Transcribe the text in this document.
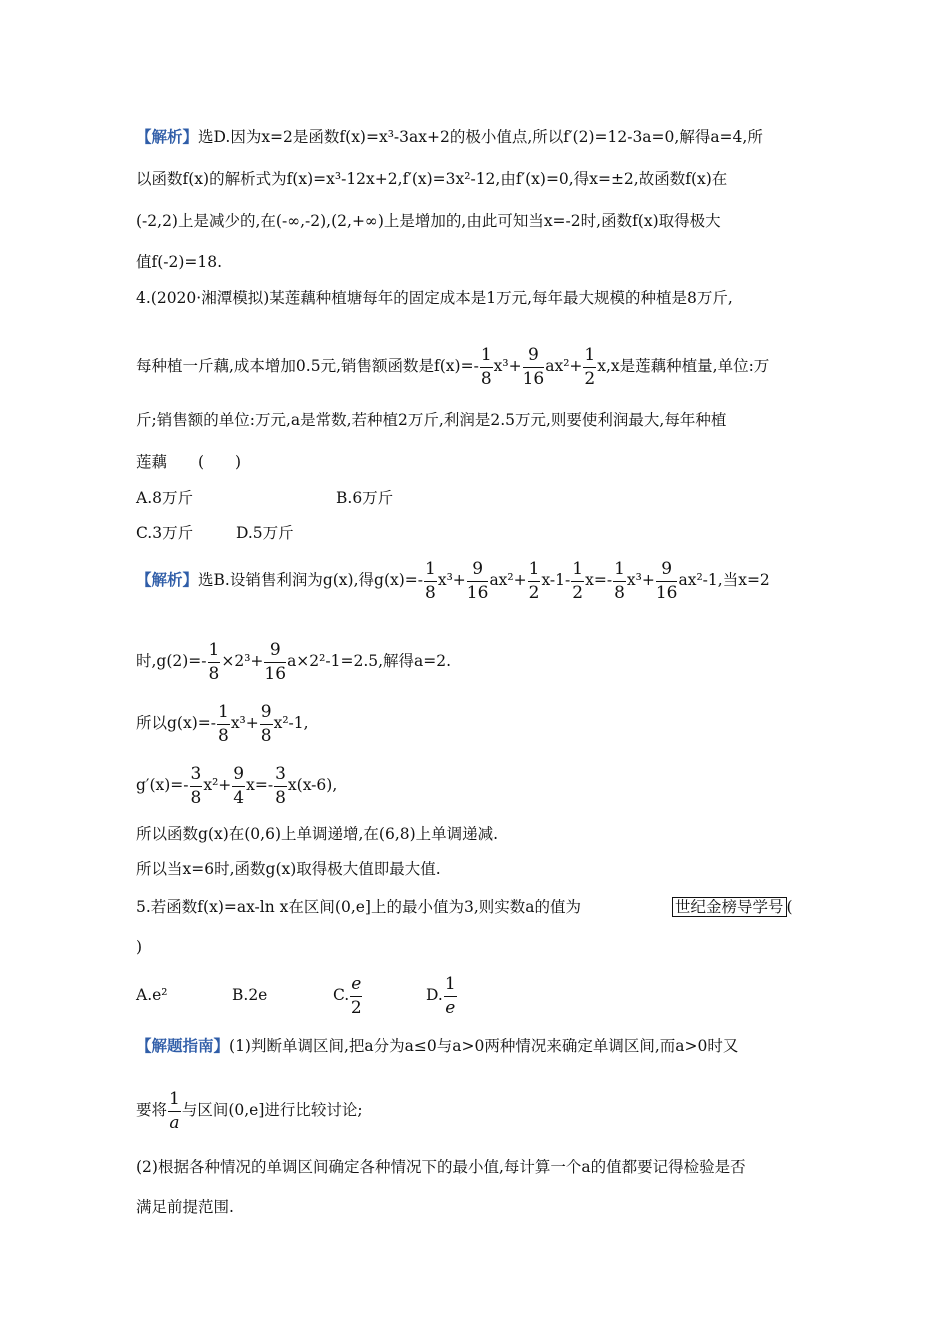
【解析】选D.因为x=2是函数f(x)=x³-3ax+2的极小值点,所以f′(2)=12-3a=0,解得a=4,所
以函数f(x)的解析式为f(x)=x³-12x+2,f′(x)=3x²-12,由f′(x)=0,得x=±2,故函数f(x)在
(-2,2)上是减少的,在(-∞,-2),(2,+∞)上是增加的,由此可知当x=-2时,函数f(x)取得极大
值f(-2)=18.
4.(2020·湘潭模拟)某莲藕种植塘每年的固定成本是1万元,每年最大规模的种植是8万斤,
每种植一斤藕,成本增加0.5元,销售额函数是$f(x)=- \frac{1}{8} x^3+ \frac{9}{16} ax^2+ \frac{1}{2} x,x$是莲藕种植量,单位:万
斤;销售额的单位:万元,a是常数,若种植2万斤,利润是2.5万元,则要使利润最大,每年种植
莲藕　　(　　)
A.8万斤	B.6万斤
C.3万斤	D.5万斤
【解析】选B.设销售利润为g(x),得$g(x)=- \frac{1}{8} x^3+ \frac{9}{16} ax^2+ \frac{1}{2} x-1- \frac{1}{2} x=- \frac{1}{8} x^3+ \frac{9}{16} ax^2-1$,当x=2
时$,g(2)=- \frac{1}{8} \times 2^3+ \frac{9}{16} a\times 2^2-1=2.5$,解得a=2.
所以$g(x)=- \frac{1}{8} x^3+ \frac{9}{8} x^2-1$,
$g'(x)=- \frac{3}{8} x^2+ \frac{9}{4} x=- \frac{3}{8} x(x-6)$,
所以函数g(x)在(0,6)上单调递增,在(6,8)上单调递减.
所以当x=6时,函数g(x)取得极大值即最大值.
5.若函数f(x)=ax-ln x在区间(0,e]上的最小值为3,则实数a的值为	世纪金榜导学号 (
)
A.e²	B.2e	C. $\frac{e}{2}$	D. $\frac{1}{e}$
【解题指南】(1)判断单调区间,把a分为a≤0与a>0两种情况来确定单调区间,而a>0时又
要将 $\frac{1}{a}$ 与区间(0,e]进行比较讨论;
(2)根据各种情况的单调区间确定各种情况下的最小值,每计算一个a的值都要记得检验是否
满足前提范围.
